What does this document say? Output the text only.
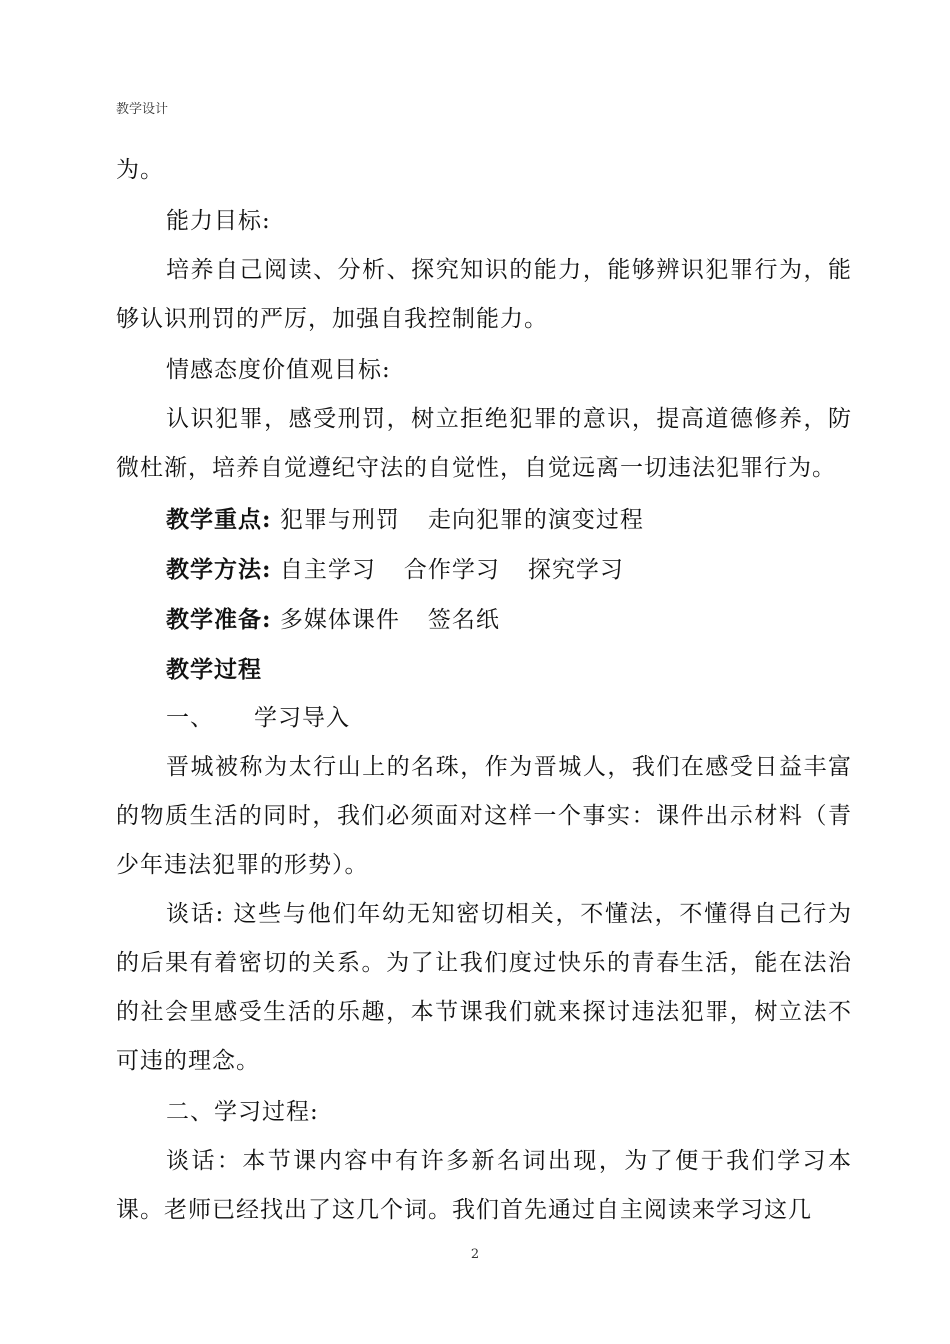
教学设计

为。

能力目标:

培养自己阅读、分析、探究知识的能力，能够辨识犯罪行为，能够认识刑罚的严厉，加强自我控制能力。

情感态度价值观目标:

认识犯罪，感受刑罚，树立拒绝犯罪的意识，提高道德修养，防微杜渐，培养自觉遵纪守法的自觉性，自觉远离一切违法犯罪行为。

教学重点: 犯罪与刑罚 走向犯罪的演变过程

教学方法: 自主学习 合作学习 探究学习

教学准备: 多媒体课件 签名纸

教学过程

一、 学习导入

晋城被称为太行山上的名珠，作为晋城人，我们在感受日益丰富的物质生活的同时，我们必须面对这样一个事实：课件出示材料（青少年违法犯罪的形势）。

谈话: 这些与他们年幼无知密切相关，不懂法，不懂得自己行为的后果有着密切的关系。为了让我们度过快乐的青春生活，能在法治的社会里感受生活的乐趣，本节课我们就来探讨违法犯罪，树立法不可违的理念。

二、学习过程:

谈话：本节课内容中有许多新名词出现，为了便于我们学习本课。老师已经找出了这几个词。我们首先通过自主阅读来学习这几

2
